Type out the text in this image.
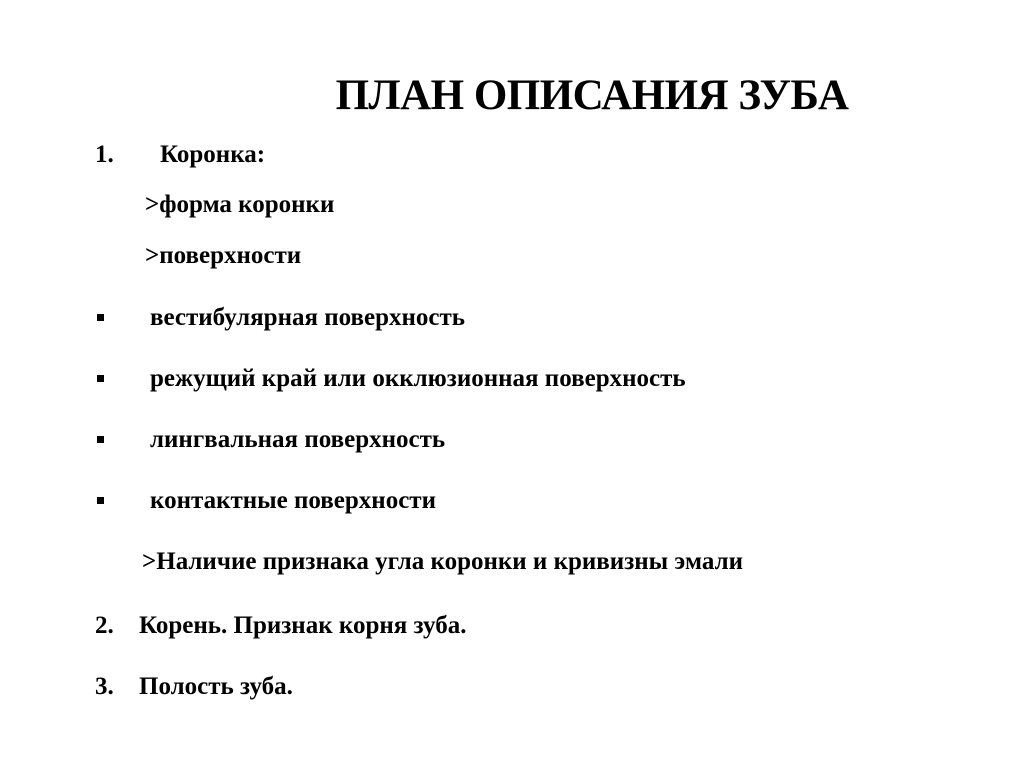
ПЛАН ОПИСАНИЯ ЗУБА
1. Коронка:
>форма коронки
>поверхности
вестибулярная поверхность
режущий край или окклюзионная поверхность
лингвальная поверхность
контактные поверхности
>Наличие признака угла коронки и кривизны эмали
2. Корень. Признак корня зуба.
3. Полость зуба.
